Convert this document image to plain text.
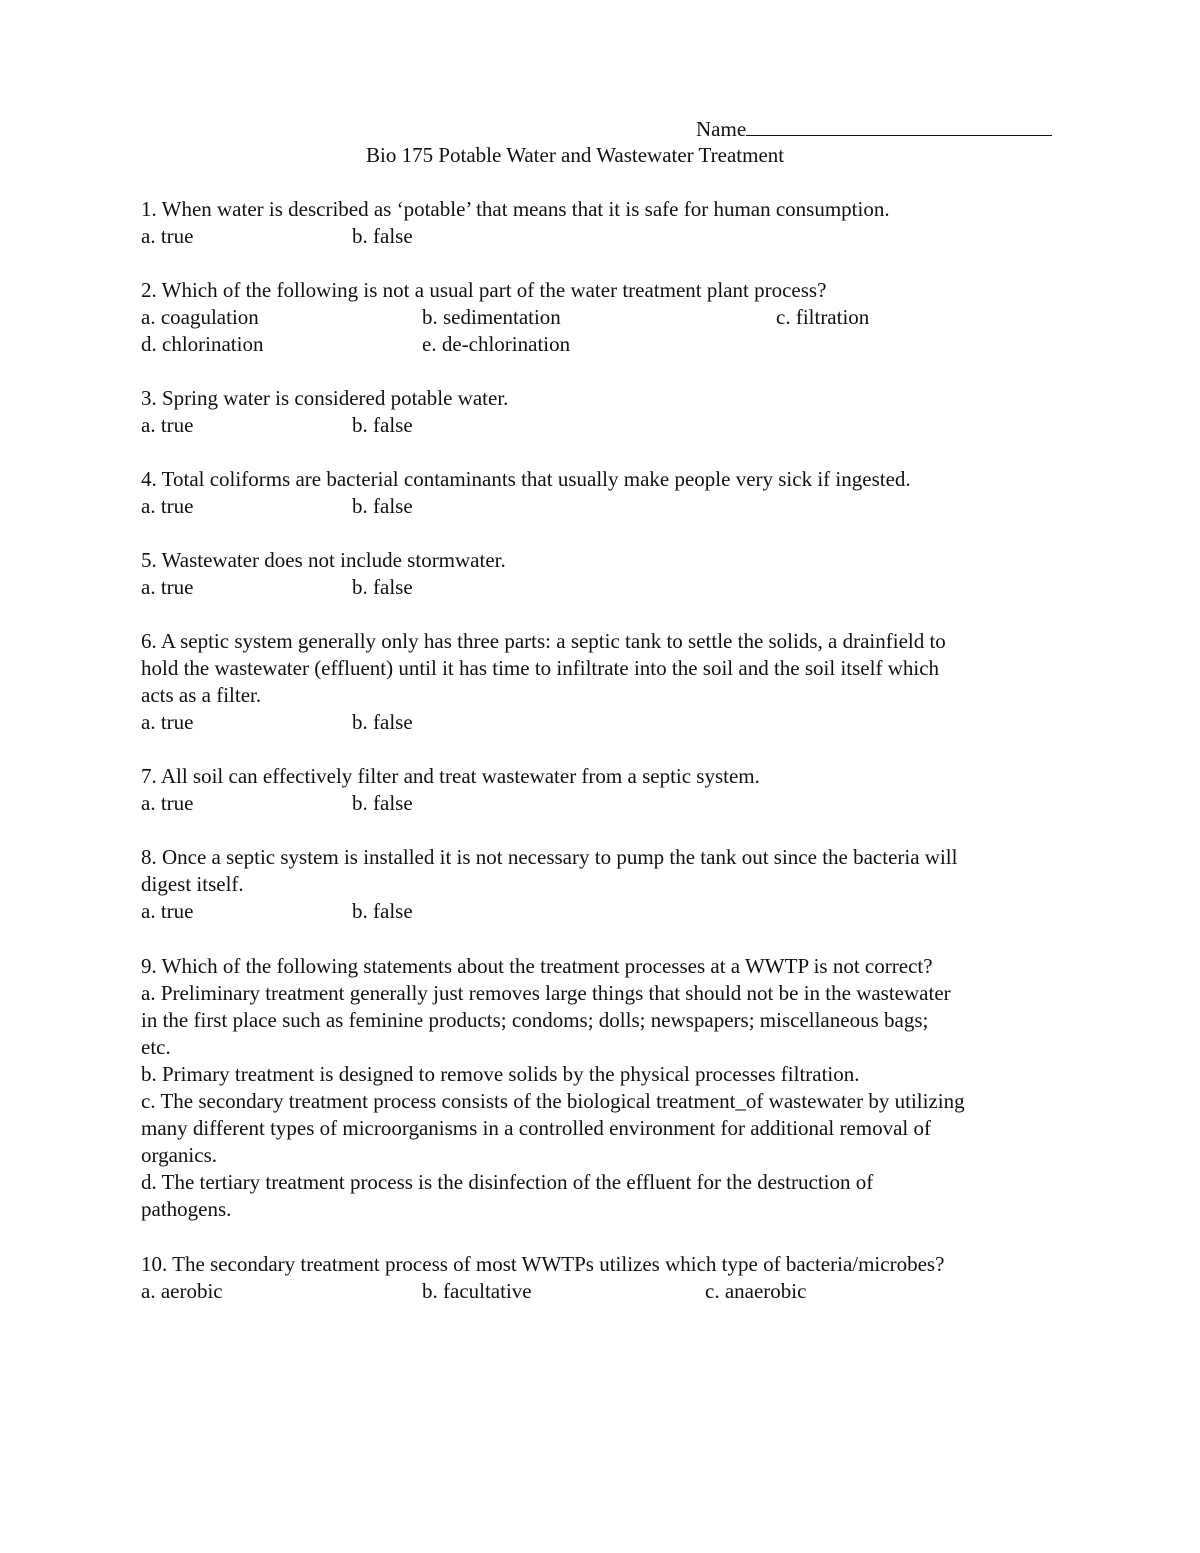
Name
Bio 175 Potable Water and Wastewater Treatment
1. When water is described as ‘potable’ that means that it is safe for human consumption.
a. true	b. false
2. Which of the following is not a usual part of the water treatment plant process?
a. coagulation	b. sedimentation	c. filtration
d. chlorination	e. de-chlorination
3. Spring water is considered potable water.
a. true	b. false
4. Total coliforms are bacterial contaminants that usually make people very sick if ingested.
a. true	b. false
5. Wastewater does not include stormwater.
a. true	b. false
6. A septic system generally only has three parts: a septic tank to settle the solids, a drainfield to
hold the wastewater (effluent) until it has time to infiltrate into the soil and the soil itself which
acts as a filter.
a. true	b. false
7. All soil can effectively filter and treat wastewater from a septic system.
a. true	b. false
8. Once a septic system is installed it is not necessary to pump the tank out since the bacteria will
digest itself.
a. true	b. false
9. Which of the following statements about the treatment processes at a WWTP is not correct?
a. Preliminary treatment generally just removes large things that should not be in the wastewater
in the first place such as feminine products; condoms; dolls; newspapers; miscellaneous bags;
etc.
b. Primary treatment is designed to remove solids by the physical processes filtration.
c. The secondary treatment process consists of the biological treatment_of wastewater by utilizing
many different types of microorganisms in a controlled environment for additional removal of
organics.
d. The tertiary treatment process is the disinfection of the effluent for the destruction of
pathogens.
10. The secondary treatment process of most WWTPs utilizes which type of bacteria/microbes?
a. aerobic	b. facultative	c. anaerobic
